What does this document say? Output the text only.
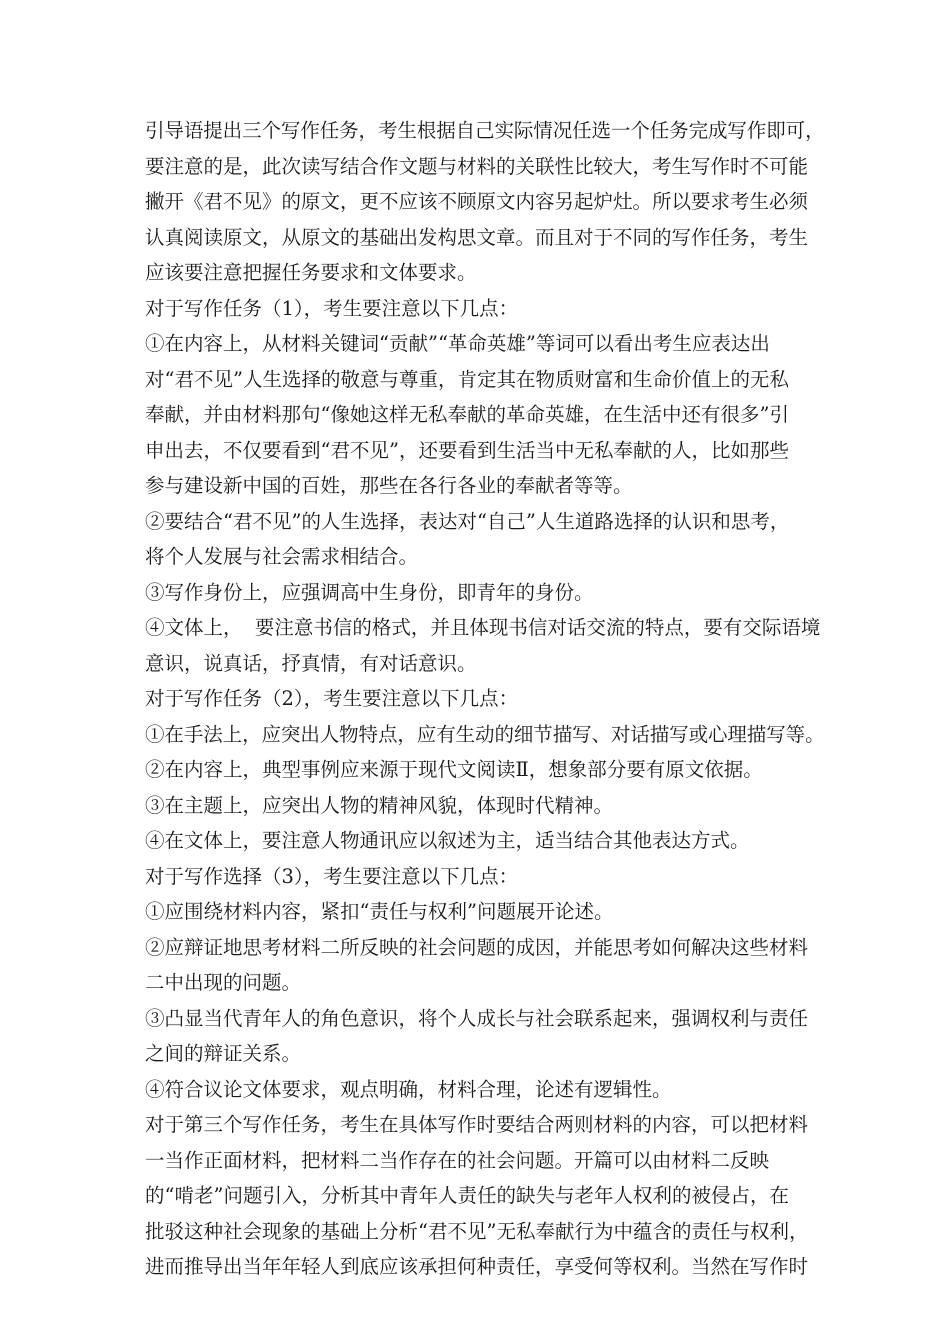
引导语提出三个写作任务，考生根据自己实际情况任选一个任务完成写作即可，
要注意的是，此次读写结合作文题与材料的关联性比较大，考生写作时不可能
撇开《君不见》的原文，更不应该不顾原文内容另起炉灶。所以要求考生必须
认真阅读原文，从原文的基础出发构思文章。而且对于不同的写作任务，考生
应该要注意把握任务要求和文体要求。
对于写作任务（1），考生要注意以下几点：
①在内容上，从材料关键词“贡献”“革命英雄”等词可以看出考生应表达出
对“君不见”人生选择的敬意与尊重，肯定其在物质财富和生命价值上的无私
奉献，并由材料那句“像她这样无私奉献的革命英雄，在生活中还有很多”引
申出去，不仅要看到“君不见”，还要看到生活当中无私奉献的人，比如那些
参与建设新中国的百姓，那些在各行各业的奉献者等等。
②要结合“君不见”的人生选择，表达对“自己”人生道路选择的认识和思考，
将个人发展与社会需求相结合。
③写作身份上，应强调高中生身份，即青年的身份。
④文体上，  要注意书信的格式，并且体现书信对话交流的特点，要有交际语境
意识，说真话，抒真情，有对话意识。
对于写作任务（2），考生要注意以下几点：
①在手法上，应突出人物特点，应有生动的细节描写、对话描写或心理描写等。
②在内容上，典型事例应来源于现代文阅读Ⅱ，想象部分要有原文依据。
③在主题上，应突出人物的精神风貌，体现时代精神。
④在文体上，要注意人物通讯应以叙述为主，适当结合其他表达方式。
对于写作选择（3），考生要注意以下几点：
①应围绕材料内容，紧扣“责任与权利”问题展开论述。
②应辩证地思考材料二所反映的社会问题的成因，并能思考如何解决这些材料
二中出现的问题。
③凸显当代青年人的角色意识，将个人成长与社会联系起来，强调权利与责任
之间的辩证关系。
④符合议论文体要求，观点明确，材料合理，论述有逻辑性。
对于第三个写作任务，考生在具体写作时要结合两则材料的内容，可以把材料
一当作正面材料，把材料二当作存在的社会问题。开篇可以由材料二反映
的“啃老”问题引入，分析其中青年人责任的缺失与老年人权利的被侵占，在
批驳这种社会现象的基础上分析“君不见”无私奉献行为中蕴含的责任与权利，
进而推导出当年年轻人到底应该承担何种责任，享受何等权利。当然在写作时
